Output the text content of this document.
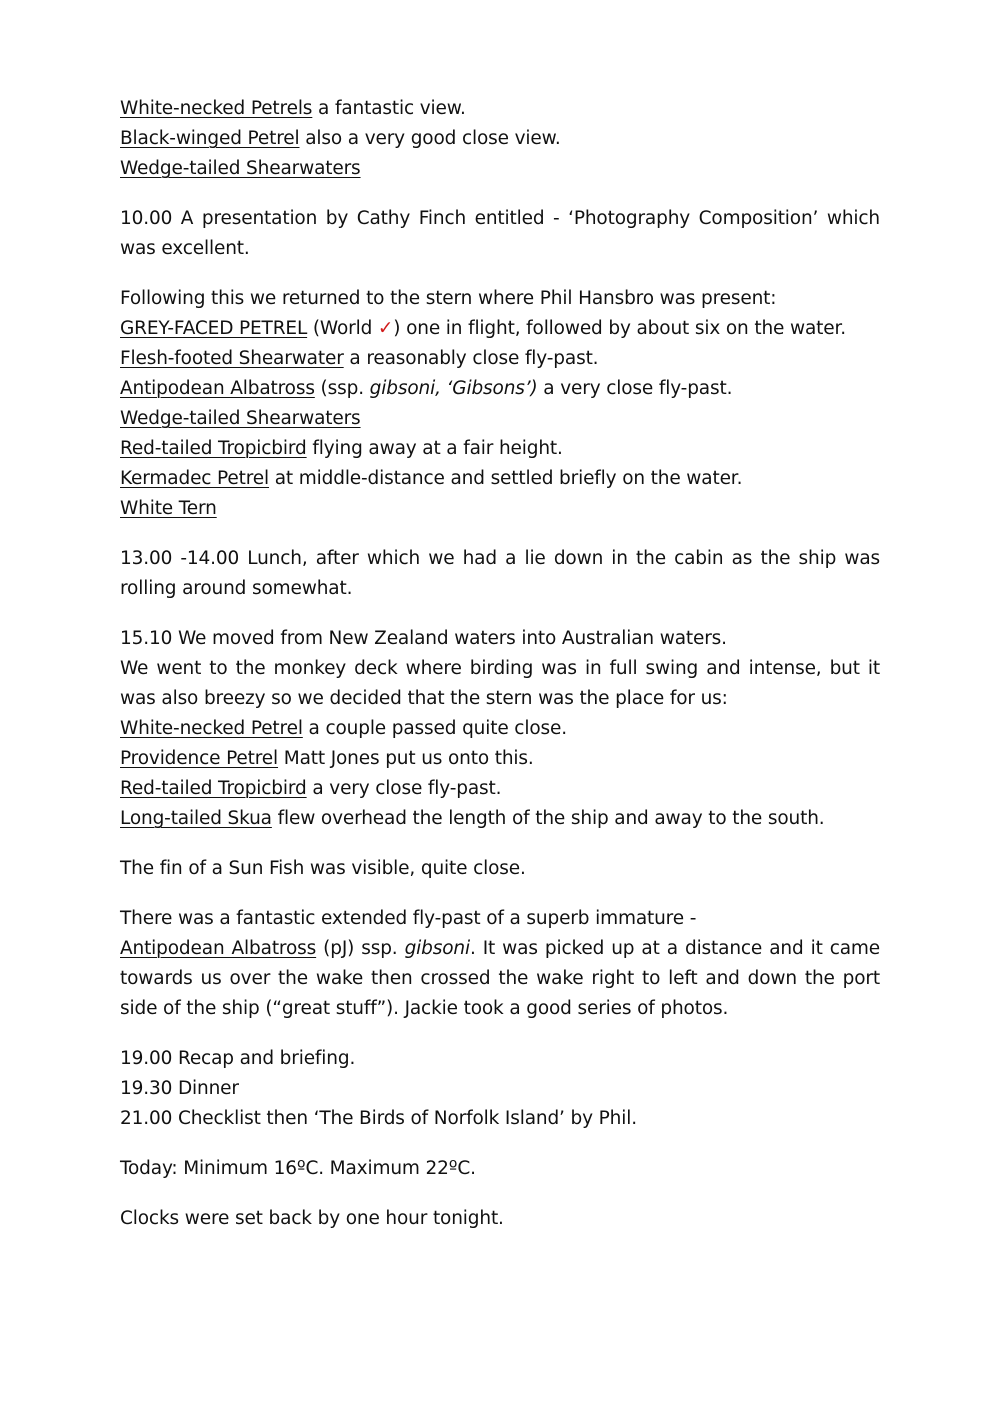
White-necked Petrels a fantastic view.
Black-winged Petrel also a very good close view.
Wedge-tailed Shearwaters
10.00 A presentation by Cathy Finch entitled - ‘Photography Composition’ which was excellent.
Following this we returned to the stern where Phil Hansbro was present:
GREY-FACED PETREL (World ✓) one in flight, followed by about six on the water.
Flesh-footed Shearwater a reasonably close fly-past.
Antipodean Albatross (ssp. gibsoni, ‘Gibsons’) a very close fly-past.
Wedge-tailed Shearwaters
Red-tailed Tropicbird flying away at a fair height.
Kermadec Petrel at middle-distance and settled briefly on the water.
White Tern
13.00 -14.00 Lunch, after which we had a lie down in the cabin as the ship was rolling around somewhat.
15.10 We moved from New Zealand waters into Australian waters.
We went to the monkey deck where birding was in full swing and intense, but it was also breezy so we decided that the stern was the place for us:
White-necked Petrel a couple passed quite close.
Providence Petrel Matt Jones put us onto this.
Red-tailed Tropicbird a very close fly-past.
Long-tailed Skua flew overhead the length of the ship and away to the south.
The fin of a Sun Fish was visible, quite close.
There was a fantastic extended fly-past of a superb immature -
Antipodean Albatross (pJ) ssp. gibsoni. It was picked up at a distance and it came towards us over the wake then crossed the wake right to left and down the port side of the ship (“great stuff”). Jackie took a good series of photos.
19.00 Recap and briefing.
19.30 Dinner
21.00 Checklist then ‘The Birds of Norfolk Island’ by Phil.
Today: Minimum 16ºC. Maximum 22ºC.
Clocks were set back by one hour tonight.
